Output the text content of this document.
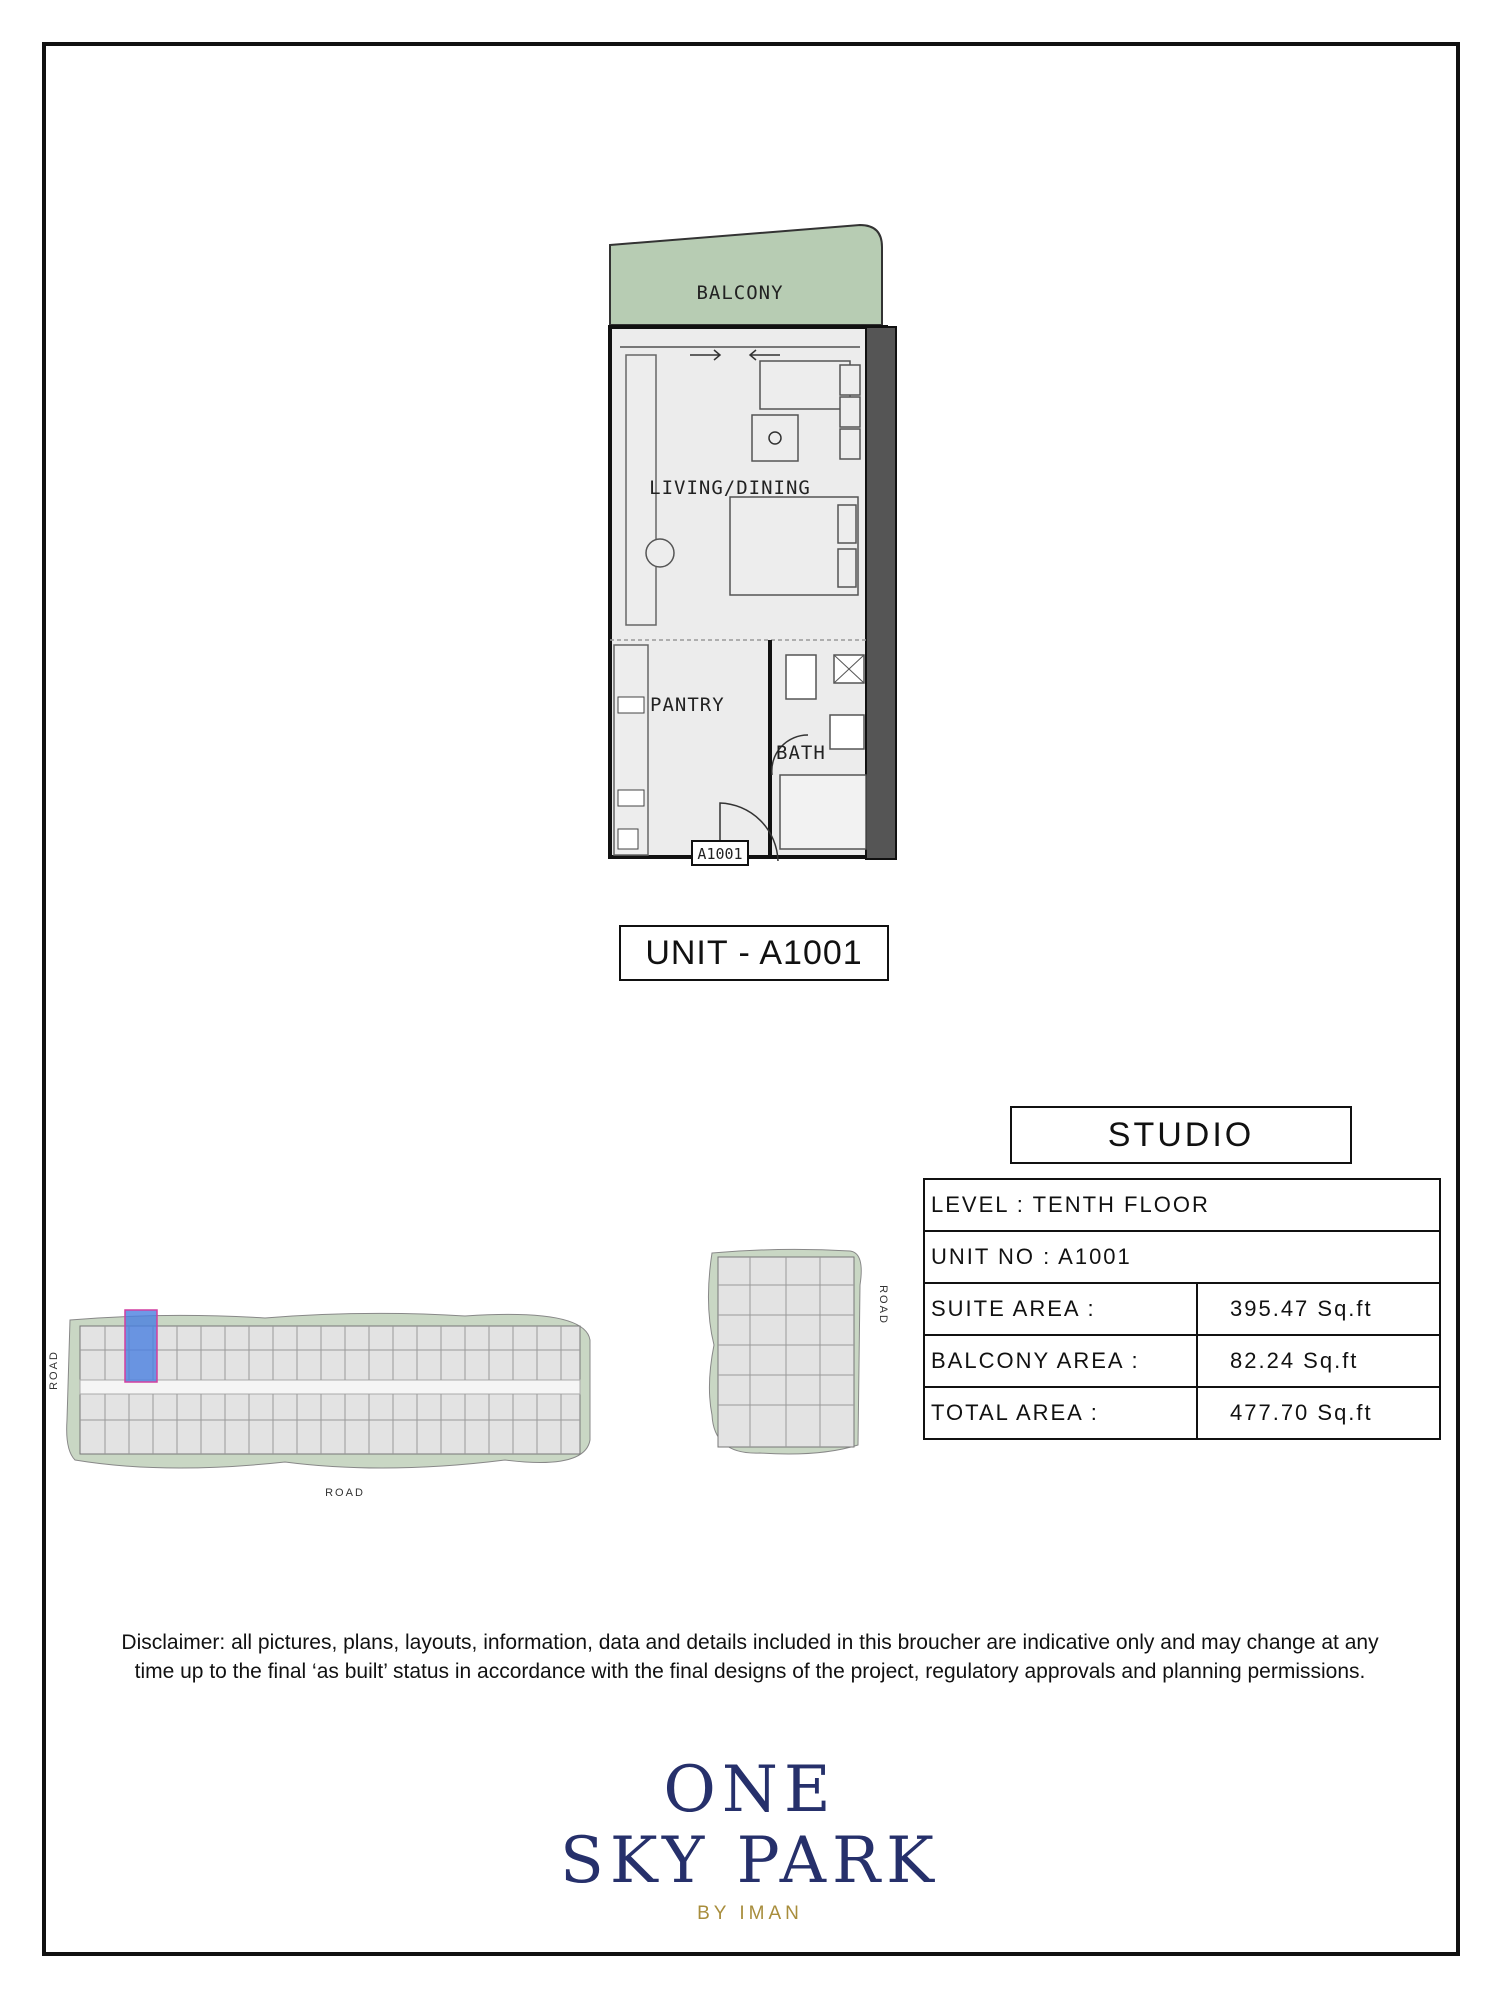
BALCONY
LIVING/DINING
PANTRY
BATH
A1001
UNIT - A1001
STUDIO
LEVEL : TENTH FLOOR	
UNIT NO : A1001	
SUITE AREA :	395.47 Sq.ft
BALCONY AREA :	82.24 Sq.ft
TOTAL AREA :	477.70 Sq.ft
ROAD
ROAD
ROAD
Disclaimer: all pictures, plans, layouts, information, data and details included in this broucher are indicative only and may change at any time up to the final ‘as built’ status in accordance with the final designs of the project, regulatory approvals and planning permissions.
ONE
SKY PARK
BY IMAN
